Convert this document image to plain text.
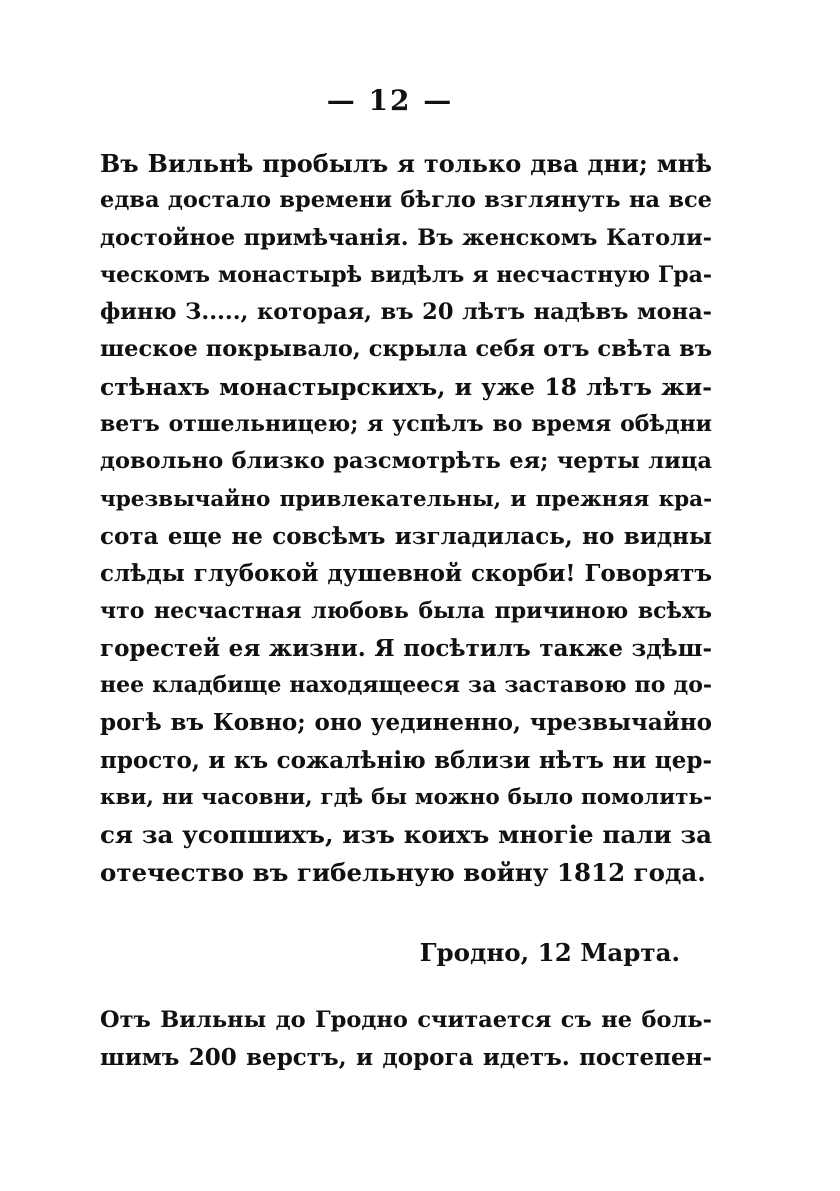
— 12 —
Въ Вильнѣ пробылъ я только два дни; мнѣ
едва достало времени бѣгло взглянуть на все
достойное примѣчанія. Въ женскомъ Католи-
ческомъ монастырѣ видѣлъ я несчастную Гра-
финю З....., которая, въ 20 лѣтъ надѣвъ мона-
шеское покрывало, скрыла себя отъ свѣта въ
стѣнахъ монастырскихъ, и уже 18 лѣтъ жи-
ветъ отшельницею; я успѣлъ во время обѣдни
довольно близко разсмотрѣть ея; черты лица
чрезвычайно привлекательны, и прежняя кра-
сота еще не совсѣмъ изгладилась, но видны
слѣды глубокой душевной скорби! Говорятъ
что несчастная любовь была причиною всѣхъ
горестей ея жизни. Я посѣтилъ также здѣш-
нее кладбище находящееся за заставою по до-
рогѣ въ Ковно; оно уединенно, чрезвычайно
просто, и къ сожалѣнію вблизи нѣтъ ни цер-
кви, ни часовни, гдѣ бы можно было помолить-
ся за усопшихъ, изъ коихъ многіе пали за
отечество въ гибельную войну 1812 года.
Гродно, 12 Марта.
Отъ Вильны до Гродно считается съ не боль-
шимъ 200 верстъ, и дорога идетъ. постепен-
